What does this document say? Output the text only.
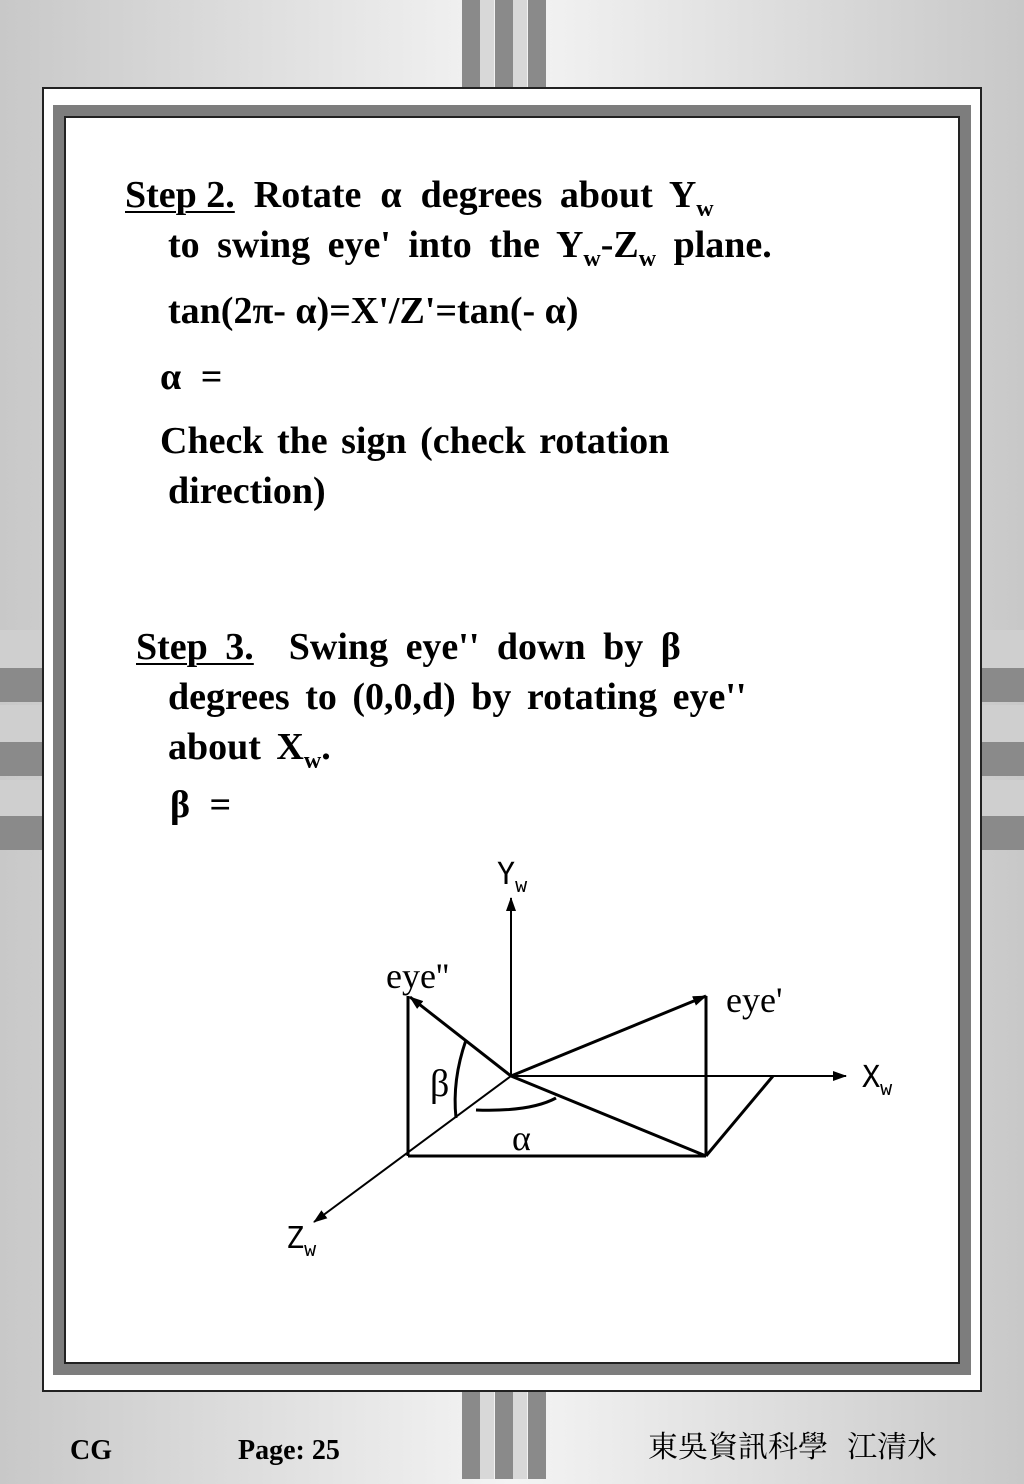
Step 2. Rotate α degrees about $Y_w$
to swing eye' into the $Y_w-Z_w$ plane.
tan(2π- α)=X'/Z'=tan(- α)
α =
Check the sign (check rotation
direction)
Step 3. Swing eye'' down by β
degrees to (0,0,d) by rotating eye''
about $X_w$.
β =
$Y_w$
$X_w$
$Z_w$
eye''
eye'
β
α
CG	Page: 25	東吳資訊科學  江清水
